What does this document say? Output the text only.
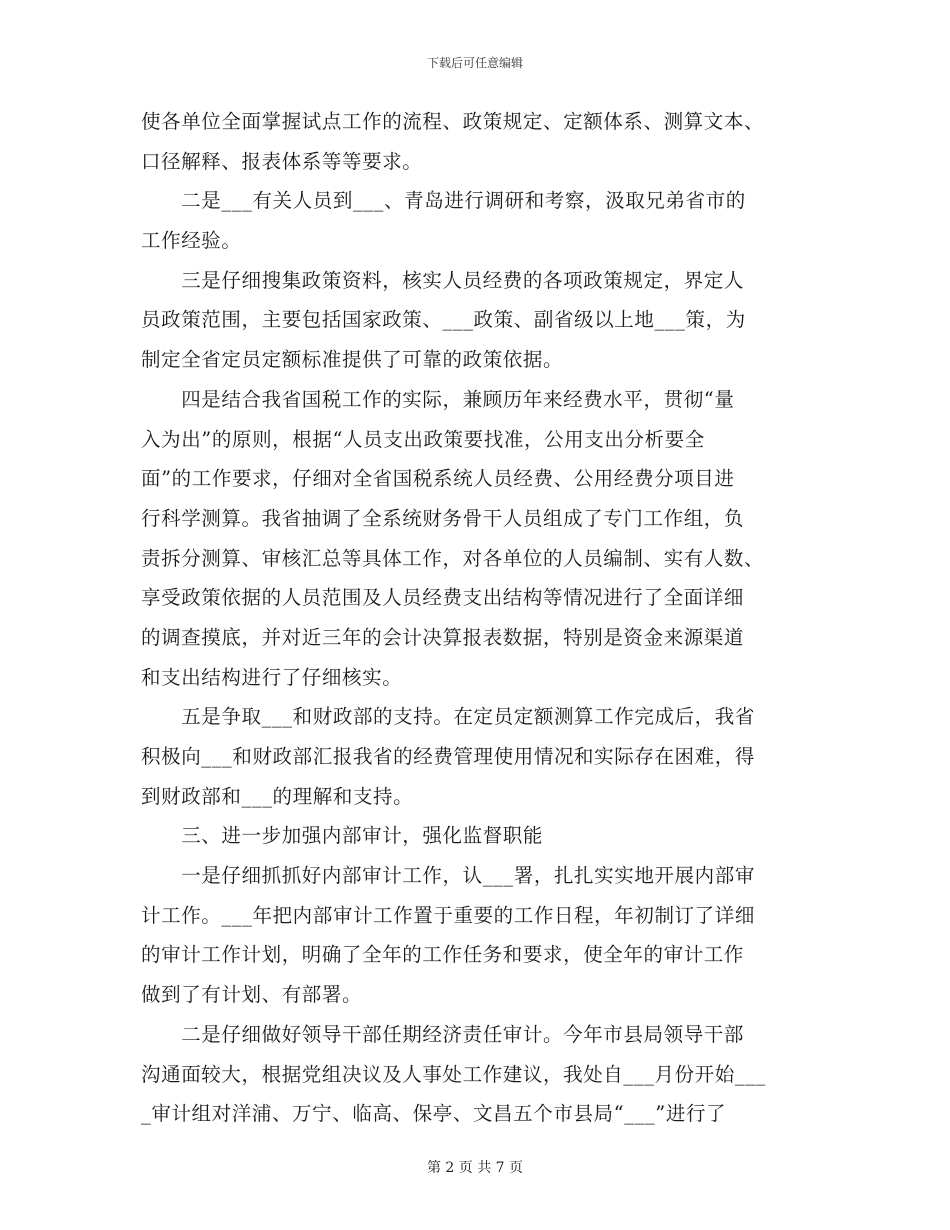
下载后可任意编辑
使各单位全面掌握试点工作的流程、政策规定、定额体系、测算文本、
口径解释、报表体系等等要求。
　　二是___有关人员到___、青岛进行调研和考察，汲取兄弟省市的
工作经验。
　　三是仔细搜集政策资料，核实人员经费的各项政策规定，界定人
员政策范围，主要包括国家政策、___政策、副省级以上地___策，为
制定全省定员定额标准提供了可靠的政策依据。
　　四是结合我省国税工作的实际，兼顾历年来经费水平，贯彻“量
入为出”的原则，根据“人员支出政策要找准，公用支出分析要全
面”的工作要求，仔细对全省国税系统人员经费、公用经费分项目进
行科学测算。我省抽调了全系统财务骨干人员组成了专门工作组，负
责拆分测算、审核汇总等具体工作，对各单位的人员编制、实有人数、
享受政策依据的人员范围及人员经费支出结构等情况进行了全面详细
的调查摸底，并对近三年的会计决算报表数据，特别是资金来源渠道
和支出结构进行了仔细核实。
　　五是争取___和财政部的支持。在定员定额测算工作完成后，我省
积极向___和财政部汇报我省的经费管理使用情况和实际存在困难，得
到财政部和___的理解和支持。
　　三、进一步加强内部审计，强化监督职能
　　一是仔细抓抓好内部审计工作，认___署，扎扎实实地开展内部审
计工作。___年把内部审计工作置于重要的工作日程，年初制订了详细
的审计工作计划，明确了全年的工作任务和要求，使全年的审计工作
做到了有计划、有部署。
　　二是仔细做好领导干部任期经济责任审计。今年市县局领导干部
沟通面较大，根据党组决议及人事处工作建议，我处自___月份开始___
_审计组对洋浦、万宁、临高、保亭、文昌五个市县局“___”进行了
第 2 页 共 7 页
